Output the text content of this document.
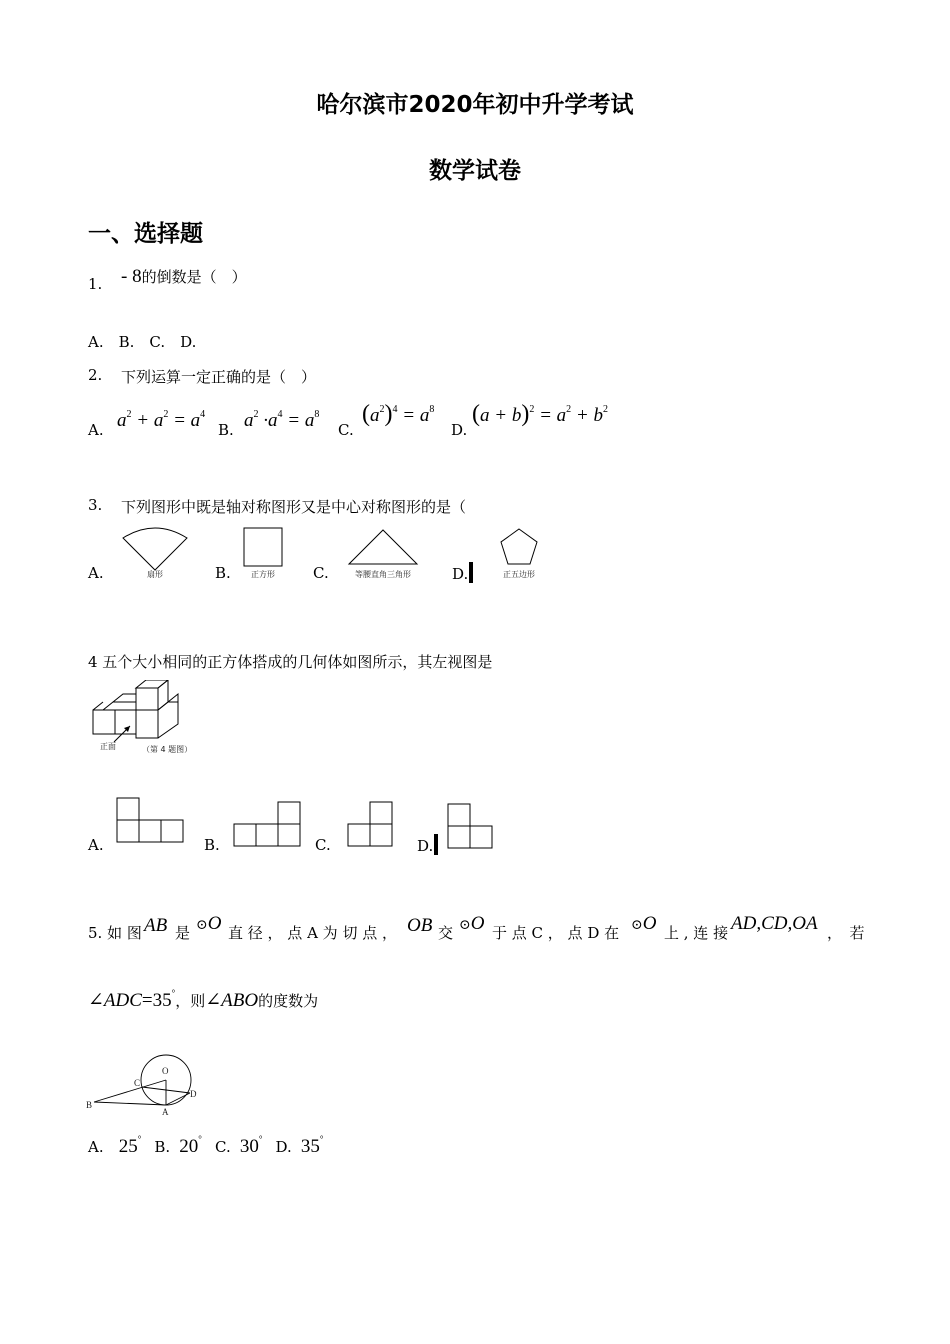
哈尔滨市2020年初中升学考试
数学试卷
一、选择题
1. - 8的倒数是（　）
A.　B.　C.　D.
2. 下列运算一定正确的是（　）
A. $a^2 + a^2 = a^4$
B. $a^2 \cdot a^4 = a^8$
C.
$(a^2)^4 = a^8$
D.
$(a + b)^2 = a^2 + b^2$
3. 下列图形中既是轴对称图形又是中心对称图形的是（
A.	扇形	B.	正方形	C.	等腰直角三角形	D.	正五边形
4 五个大小相同的正方体搭成的几何体如图所示，其左视图是
正面	（第 4 题图）
A.	B.	C.	D.
5. 如 图 AB 是 ⊙O 直 径 ， 点 A 为 切 点 ， OB 交 ⊙O 于 点 C ， 点 D 在 ⊙O 上 , 连 接 AD,CD,OA ，　若
∠ADC=35°，则∠ABO的度数为
O
C
D
B
A
A. 25° B. 20° C. 30° D. 35°
